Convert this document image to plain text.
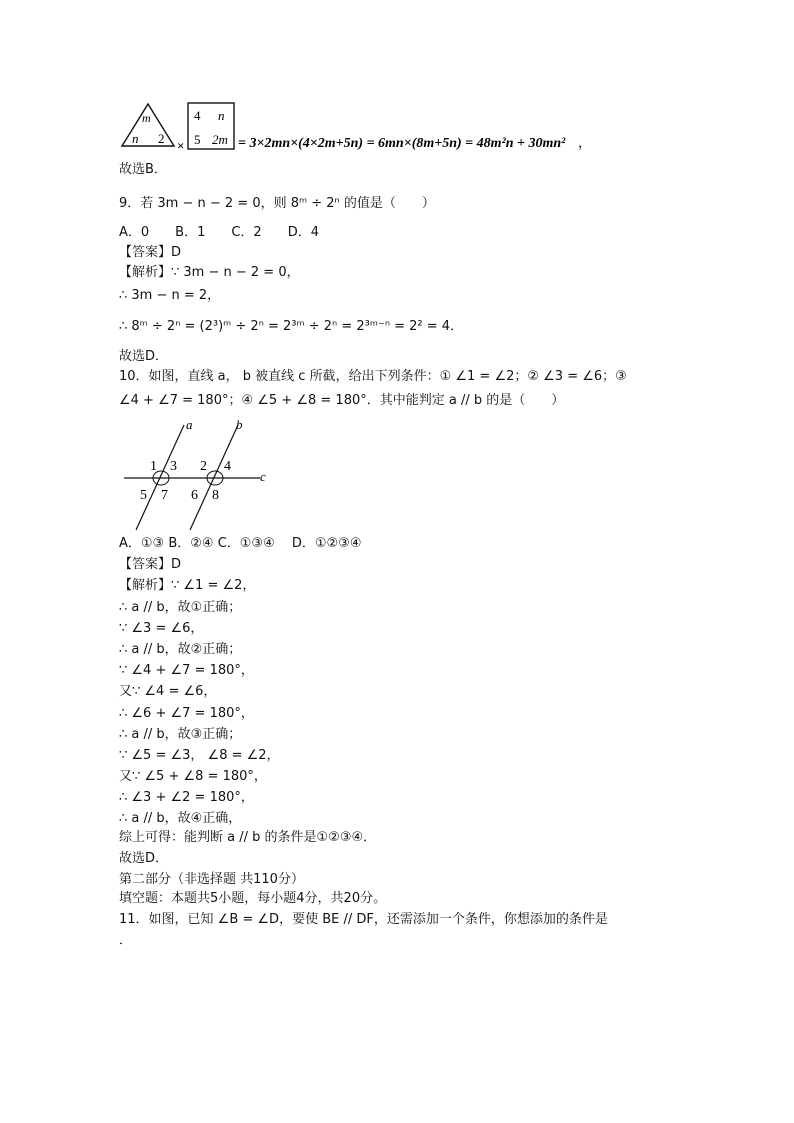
m
n 2 ×
4 n
5 2m = 3×2mn×(4×2m+5n) = 6mn×(8m+5n) = 48m²n + 30mn² ，
故选B．
9．若 3m − n − 2 = 0，则 8ᵐ ÷ 2ⁿ 的值是（　　）
A．0　　B．1　　C．2　　D．4
【答案】D
【解析】∵ 3m − n − 2 = 0，
∴ 3m − n = 2，
∴ 8ᵐ ÷ 2ⁿ = (2³)ᵐ ÷ 2ⁿ = 2³ᵐ ÷ 2ⁿ = 2³ᵐ⁻ⁿ = 2² = 4．
故选D．
10．如图，直线 a， b 被直线 c 所截，给出下列条件：① ∠1 = ∠2；② ∠3 = ∠6；③
∠4 + ∠7 = 180°；④ ∠5 + ∠8 = 180°．其中能判定 a // b 的是（　　）
a	b
c
1 3
5 7
2 4
6 8
A．①③ B．②④ C．①③④　 D．①②③④
【答案】D
【解析】∵ ∠1 = ∠2，
∴ a // b，故①正确；
∵ ∠3 = ∠6，
∴ a // b，故②正确；
∵ ∠4 + ∠7 = 180°，
又∵ ∠4 = ∠6，
∴ ∠6 + ∠7 = 180°，
∴ a // b，故③正确；
∵ ∠5 = ∠3， ∠8 = ∠2，
又∵ ∠5 + ∠8 = 180°，
∴ ∠3 + ∠2 = 180°，
∴ a // b，故④正确，
综上可得：能判断 a // b 的条件是①②③④．
故选D．
第二部分（非选择题 共110分）
填空题：本题共5小题，每小题4分，共20分。
11．如图，已知 ∠B = ∠D，要使 BE // DF，还需添加一个条件，你想添加的条件是
．
